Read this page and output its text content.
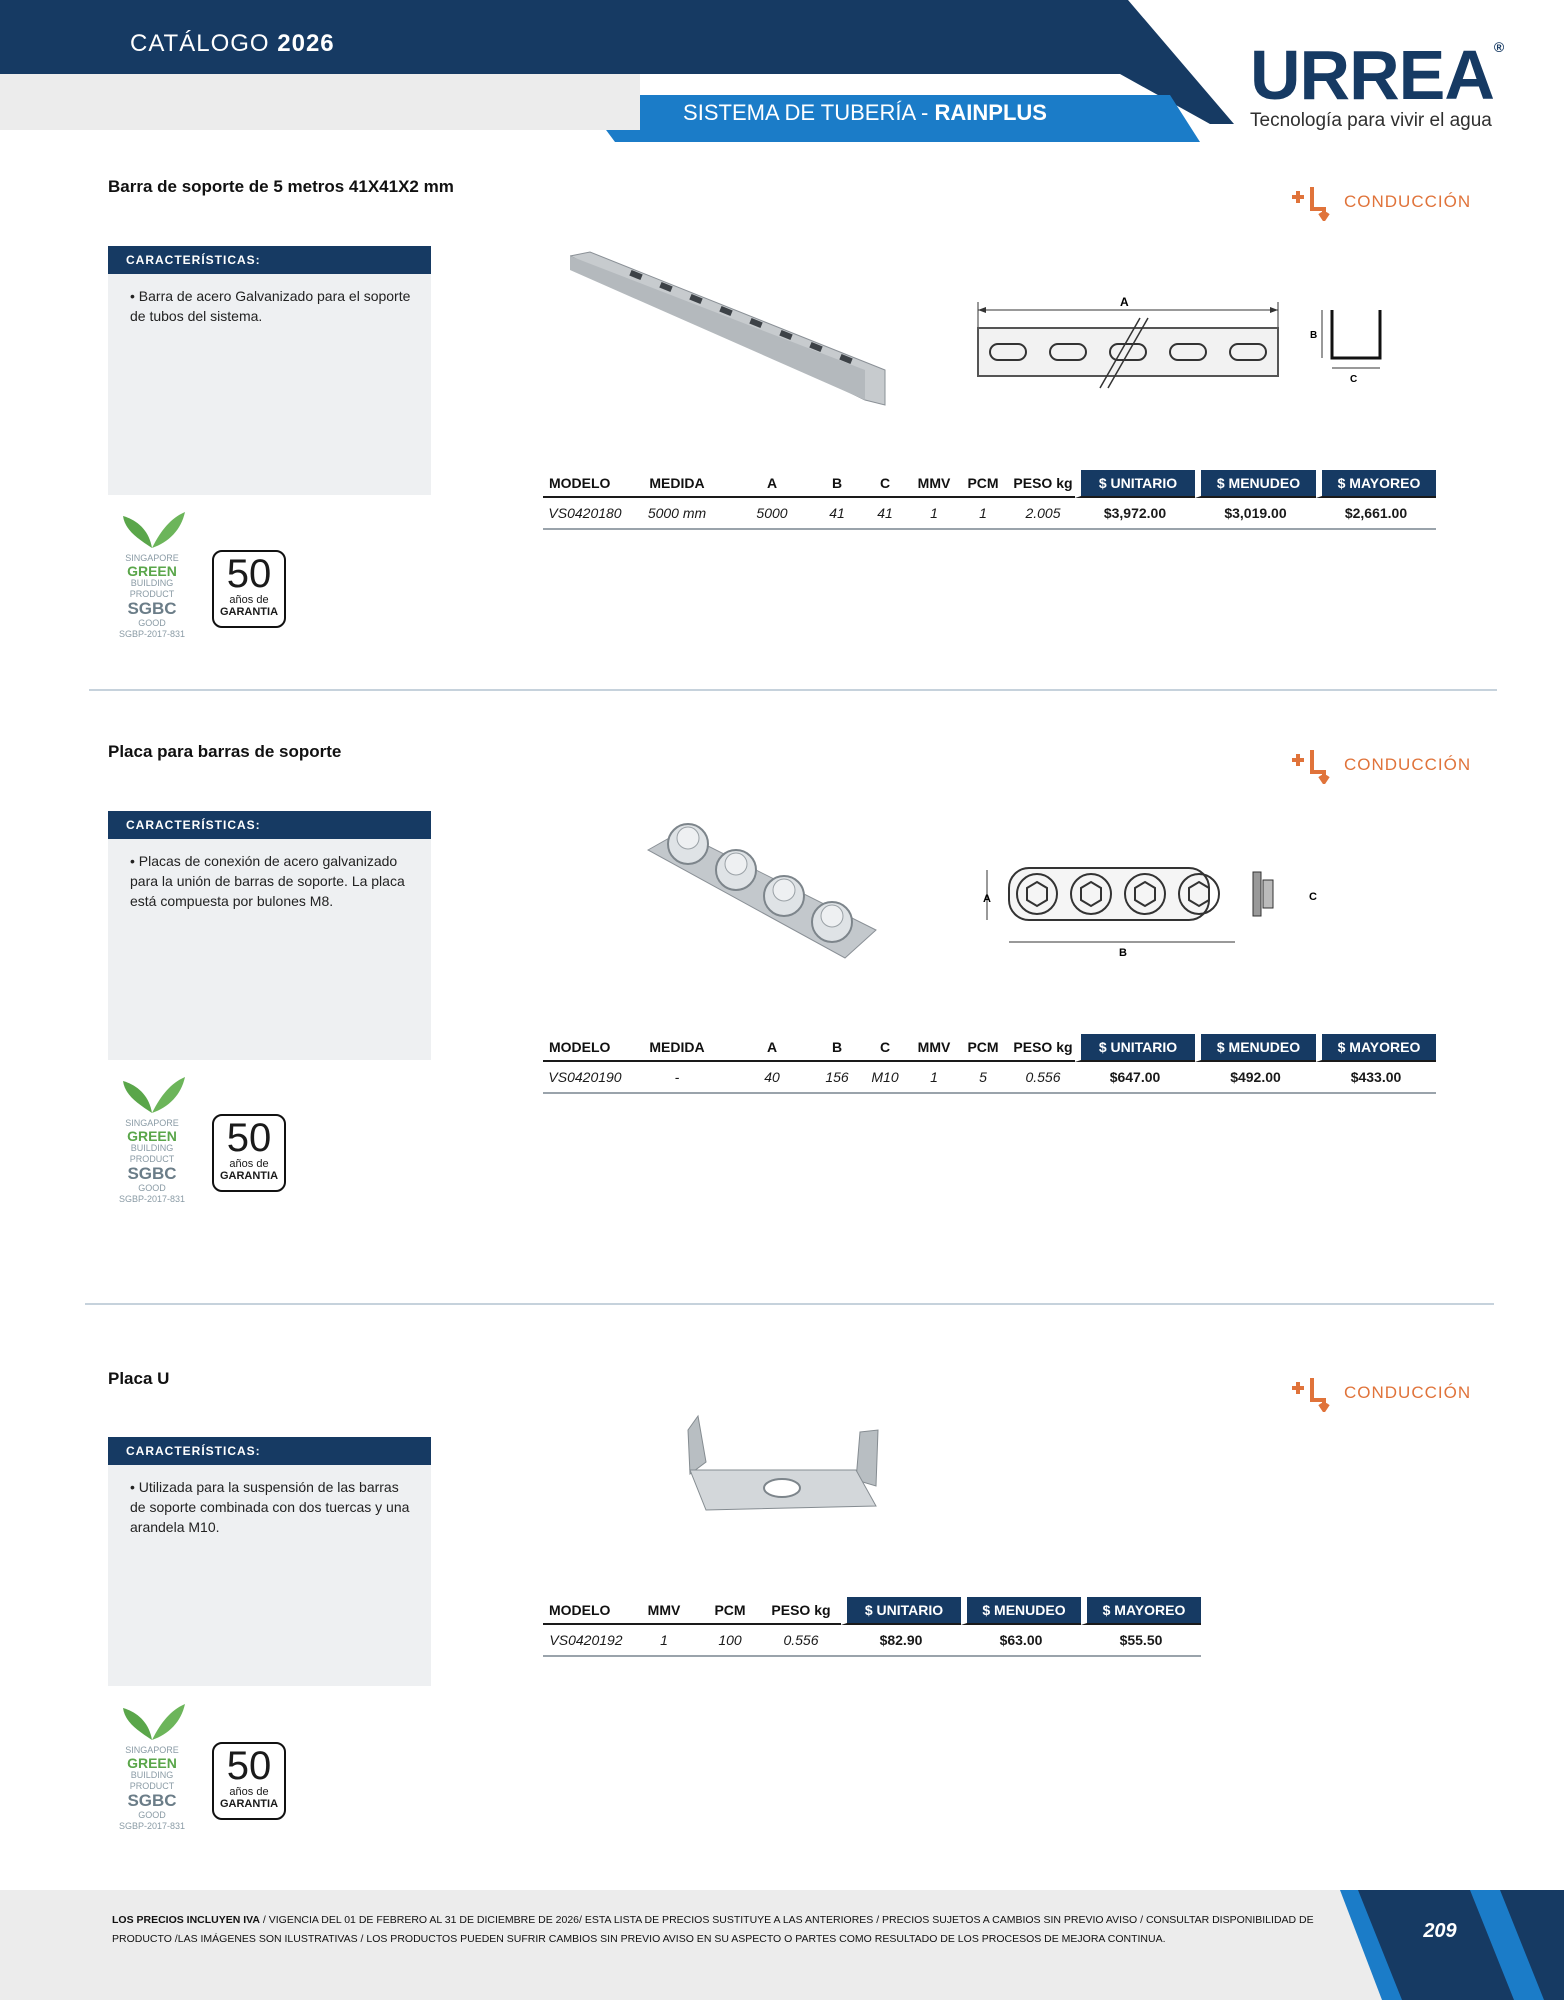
CATÁLOGO 2026
SISTEMA DE TUBERÍA - RAINPLUS	URREA®
Tecnología para vivir el agua
Barra de soporte de 5 metros 41X41X2 mm
CONDUCCIÓN
CARACTERÍSTICAS:
• Barra de acero Galvanizado para el soporte de tubos del sistema.
A
B
C
MODELO	MEDIDA	A	B	C	MMV	PCM	PESO kg	$ UNITARIO	$ MENUDEO	$ MAYOREO
VS0420180	5000 mm	5000	41	41	1	1	2.005	$3,972.00	$3,019.00	$2,661.00
SINGAPORE
GREEN
BUILDING
PRODUCT
SGBC
GOOD
SGBP-2017-831
50
años de
GARANTIA
Placa para barras de soporte
CONDUCCIÓN
CARACTERÍSTICAS:
• Placas de conexión de acero galvanizado para la unión de barras de soporte. La placa está compuesta por bulones M8.	A
B
C
MODELO	MEDIDA	A	B	C	MMV	PCM	PESO kg	$ UNITARIO	$ MENUDEO	$ MAYOREO
VS0420190	-	40	156	M10	1	5	0.556	$647.00	$492.00	$433.00
SINGAPORE
GREEN
BUILDING
PRODUCT
SGBC
GOOD
SGBP-2017-831
50
años de
GARANTIA
Placa U
CONDUCCIÓN
CARACTERÍSTICAS:
• Utilizada para la suspensión de las barras de soporte combinada con dos tuercas y una arandela M10.
MODELO	MMV	PCM	PESO kg	$ UNITARIO	$ MENUDEO	$ MAYOREO
VS0420192	1	100	0.556	$82.90	$63.00	$55.50
SINGAPORE
GREEN
BUILDING
PRODUCT
SGBC
GOOD
SGBP-2017-831
50
años de
GARANTIA
LOS PRECIOS INCLUYEN IVA / VIGENCIA DEL 01 DE FEBRERO AL 31 DE DICIEMBRE DE 2026/ ESTA LISTA DE PRECIOS SUSTITUYE A LAS ANTERIORES / PRECIOS SUJETOS A CAMBIOS SIN PREVIO AVISO / CONSULTAR DISPONIBILIDAD DE PRODUCTO /LAS IMÁGENES SON ILUSTRATIVAS / LOS PRODUCTOS PUEDEN SUFRIR CAMBIOS SIN PREVIO AVISO EN SU ASPECTO O PARTES COMO RESULTADO DE LOS PROCESOS DE MEJORA CONTINUA.	209
